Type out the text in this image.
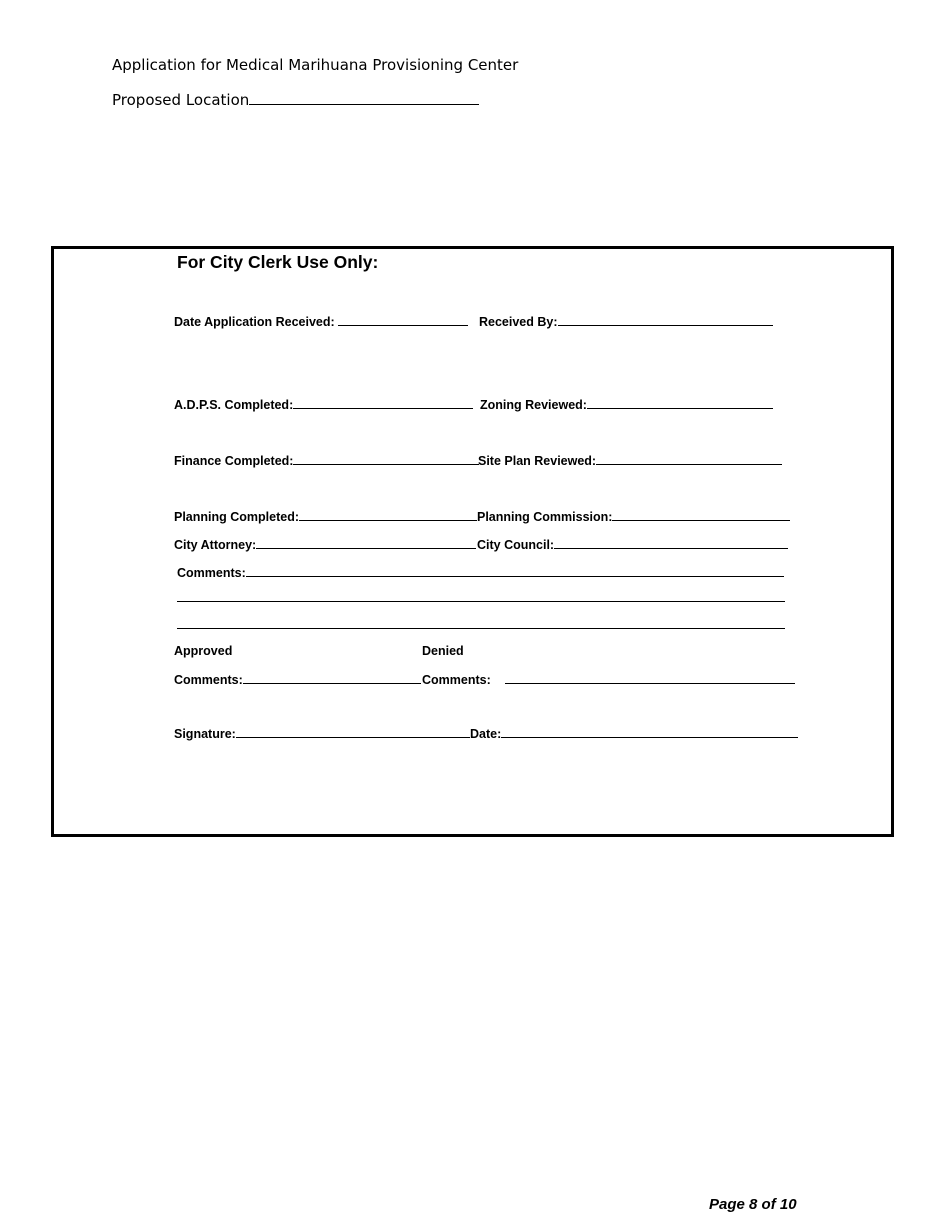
Application for Medical Marihuana Provisioning Center

Proposed Location
For City Clerk Use Only:
Date Application Received:	Received By:
A.D.P.S. Completed:	Zoning Reviewed:
Finance Completed:	Site Plan Reviewed:
Planning Completed:	Planning Commission:
City Attorney:	City Council:
Comments:
Approved	Denied
Comments:	Comments:
Signature:	Date:

Page 8 of 10
